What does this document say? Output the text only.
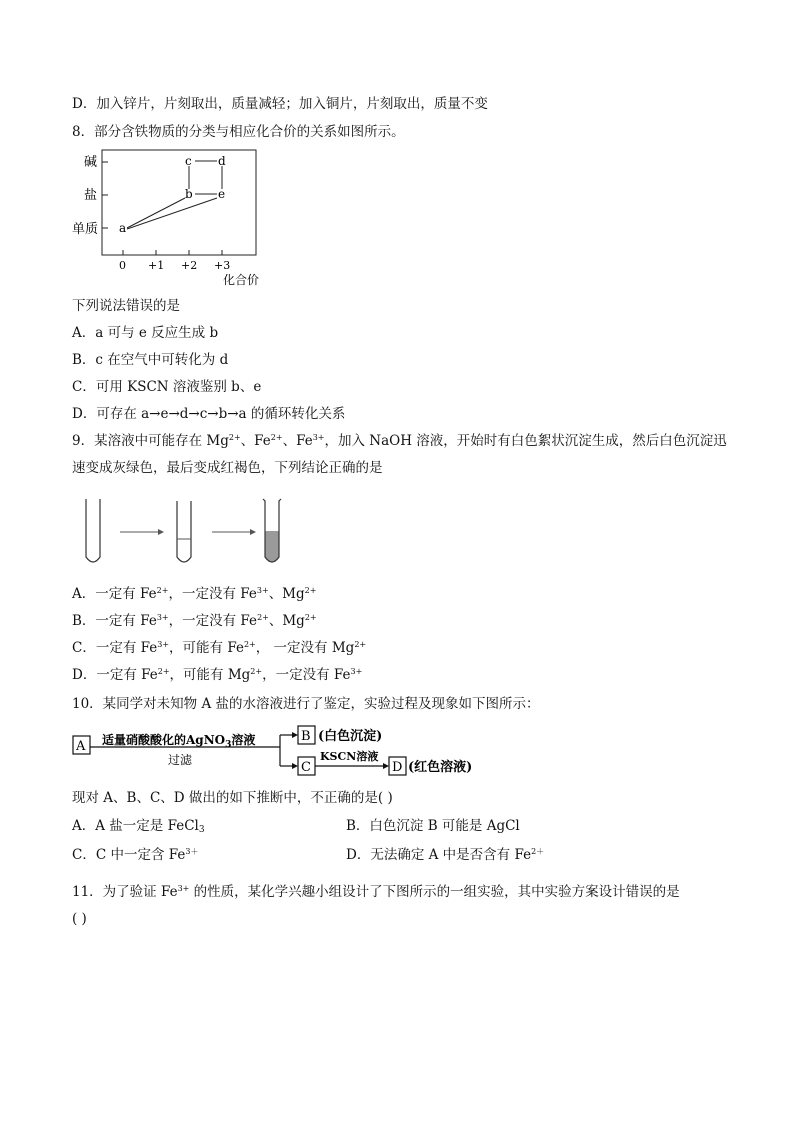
D．加入锌片，片刻取出，质量减轻；加入铜片，片刻取出，质量不变
8．部分含铁物质的分类与相应化合价的关系如图所示。
碱
盐
单质 a
b
c d
e
0 +1 +2 +3
化合价
下列说法错误的是
A．a 可与 e 反应生成 b
B．c 在空气中可转化为 d
C．可用 KSCN 溶液鉴别 b、e
D．可存在 a→e→d→c→b→a 的循环转化关系
9．某溶液中可能存在 $Mg^{2+}$、$Fe^{2+}$、$Fe^{3+}$，加入 NaOH 溶液，开始时有白色絮状沉淀生成，然后白色沉淀迅
速变成灰绿色，最后变成红褐色，下列结论正确的是
A．一定有 $Fe^{2+}$，一定没有 $Fe^{3+}$、$Mg^{2+}$
B．一定有 $Fe^{3+}$，一定没有 $Fe^{2+}$、$Mg^{2+}$
C．一定有 $Fe^{3+}$，可能有 $Fe^{2+}$， 一定没有 $Mg^{2+}$
D．一定有 $Fe^{2+}$，可能有 $Mg^{2+}$，一定没有 $Fe^{3+}$
10．某同学对未知物 A 盐的水溶液进行了鉴定，实验过程及现象如下图所示：
A 适量硝酸酸化的AgNO$_3$溶液
过滤
B (白色沉淀)
C
KSCN溶液
D (红色溶液)
现对 A、B、C、D 做出的如下推断中，不正确的是( )
A．A 盐一定是 FeCl$_3$	B．白色沉淀 B 可能是 AgCl
C．C 中一定含 $Fe^{3+}$	D．无法确定 A 中是否含有 $Fe^{2+}$
11．为了验证 $Fe^{3+}$ 的性质，某化学兴趣小组设计了下图所示的一组实验，其中实验方案设计错误的是
( )
